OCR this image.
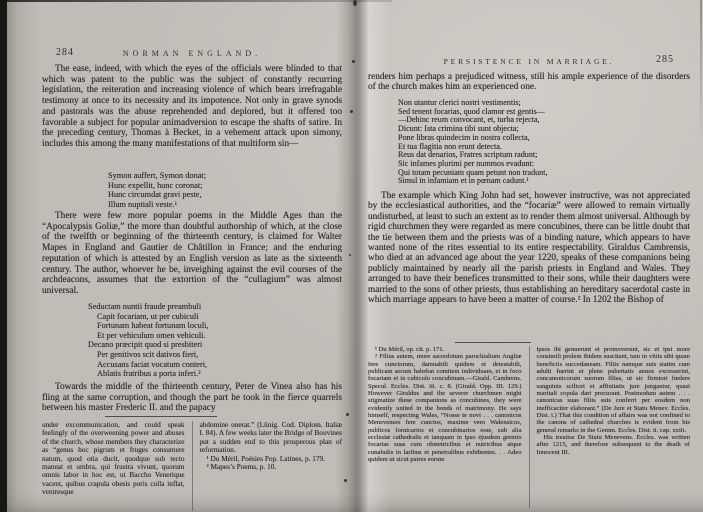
284	NORMAN ENGLAND.

The ease, indeed, with which the eyes of the officials were blinded to that which was patent to the public was the subject of constantly recurring legislation, the reiteration and increasing violence of which bears irrefragable testimony at once to its necessity and its impotence. Not only in grave synods and pastorals was the abuse reprehended and deplored, but it offered too favorable a subject for popular animadversion to escape the shafts of satire. In the preceding century, Thomas à Becket, in a vehement attack upon simony, includes this among the many manifestations of that multiform sin—

Symon auffert, Symon donat;
Hunc expellit, hunc coronat;
Hunc circumdat gravi peste,
Illum nuptiali veste.¹

There were few more popular poems in the Middle Ages than the “Apocalypsis Goliæ,” the more than doubtful authorship of which, at the close of the twelfth or beginning of the thirteenth century, is claimed for Walter Mapes in England and Gautier de Châtillon in France; and the enduring reputation of which is attested by an English version as late as the sixteenth century. The author, whoever he be, inveighing against the evil courses of the archdeacons, assumes that the extortion of the “cullagium” was almost universal.

Seductam nuntii fraude preambuli
Capit focariam, ut per cubiculi
Fortunam habeat fortunam loculi,
Et per vehiculum omen vehiculi.
Decano præcipit quod si presbiteri
Per genitivos scit dativos fieri,
Accusans faciat vocatum conteri,
Ablatis fratribus a porta inferi.²

Towards the middle of the thirteenth century, Peter de Vinea also has his fling at the same corruption, and though the part he took in the fierce quarrels between his master Frederic II. and the papacy

under excommunication, and could speak feelingly of the overweening power and abuses of the church, whose members they characterize as “genus hoc pigrum et fruges consumere natum, quod otia ducit, quodque sub tecto maneat et umbra, qui frustra vivunt, quorum omnis labor in hoc est, ut Baccho Venerique vacent, quibus crapula obesis poris colla inflat, ventresque

abdomine onerat.” (Lünig. Cod. Diplom. Italiæ I. 84). A few weeks later the Bridge of Bouvines put a sudden end to this prosperous plan of reformation.

¹ Du Méril, Poésies Pop. Latines, p. 179.

² Mapes’s Poems, p. 10.

285
PERSISTENCE IN MARRIAGE.

renders him perhaps a prejudiced witness, still his ample experience of the disorders of the church makes him an experienced one.

Non utantur clerici nostri vestimentis;
Sed tenent focarias, quod clamor est gentis—
—Dehinc reum convocant, et, turba rejecta,
Dicunt: Ista crimina tibi sunt objecta;
Pone libras quindecim in nostra collecta,
Et tua flagitia non erunt detecta.
Reus dat denarios, Fratres scriptum radunt;
Sic infames plurimi per nummos evadunt:
Qui totam pecuniam quam petunt non tradunt,
Simul in infamiam et in pœnam cadunt.¹

The example which King John had set, however instructive, was not appreciated by the ecclesiastical authorities, and the “focariæ” were allowed to remain virtually undisturbed, at least to such an extent as to render them almost universal. Although by rigid churchmen they were regarded as mere concubines, there can be little doubt that the tie between them and the priests was of a binding nature, which appears to have wanted none of the rites essential to its entire respectability. Giraldus Cambrensis, who died at an advanced age about the year 1220, speaks of these companions being publicly maintained by nearly all the parish priests in England and Wales. They arranged to have their benefices transmitted to their sons, while their daughters were married to the sons of other priests, thus establishing an hereditary sacerdotal caste in which marriage appears to have been a matter of course.² In 1202 the Bishop of

¹ Du Méril, op. cit. p. 171.

² Filius autem, more sacerdotum parochialium Angliæ fere cunctorum, damnabili quidem et detestabili, publicam secum habebat comitem individuam, et in foco focariam et in cubiculo concubinam.—Girald. Cambrens. Specul. Eccles. Dist. iii. c. 8. (Girald. Opp. III. 129.) However Giraldus and the severer churchmen might stigmatize these companions as concubines, they were evidently united in the bonds of matrimony. He says himself, respecting Wales, “Nosse te novi . . . canonicos Menevenses fere cunctos, maxime vero Walensicos, publicos fornicarios et concubinarios esse, sub alia ecclesiæ cathedralis et tanquam in ipso ejusdem gremio focarias suas cum obstetricibus et nutricibus atque cunabulis in laribus et penetralibus exhibentes. . . Adeo quidem ut sicut patres eorum

ipsos ibi genuerunt et promoverunt, sic et ipsi more consimili prolem ibidem suscitant, tam in vitiis sibi quam beneficiis succedaneam. Filiis namque suis statim cum adulti fuerint et plene pubertatis annos excesserint, concanonicorum suorum filias, ut sic firmiori fœdere sanguinis scilicet et affinitatis jure jungantur, quasi maritali copula dari procurant. Postmodum autem . . . canonicas suas filiis suis conferri per eosdem non inefficaciter elaborant.” (De Jure et Statu Menev. Eccles. Dist. i.) That this condition of affairs was not confined to the canons of cathedral churches is evident from his general remarks in the Gemm. Eccles. Dist. ii. cap. xxiii.

His treatise De Statu Menevens. Eccles. was written after 1215, and therefore subsequent to the death of Innocent III.
